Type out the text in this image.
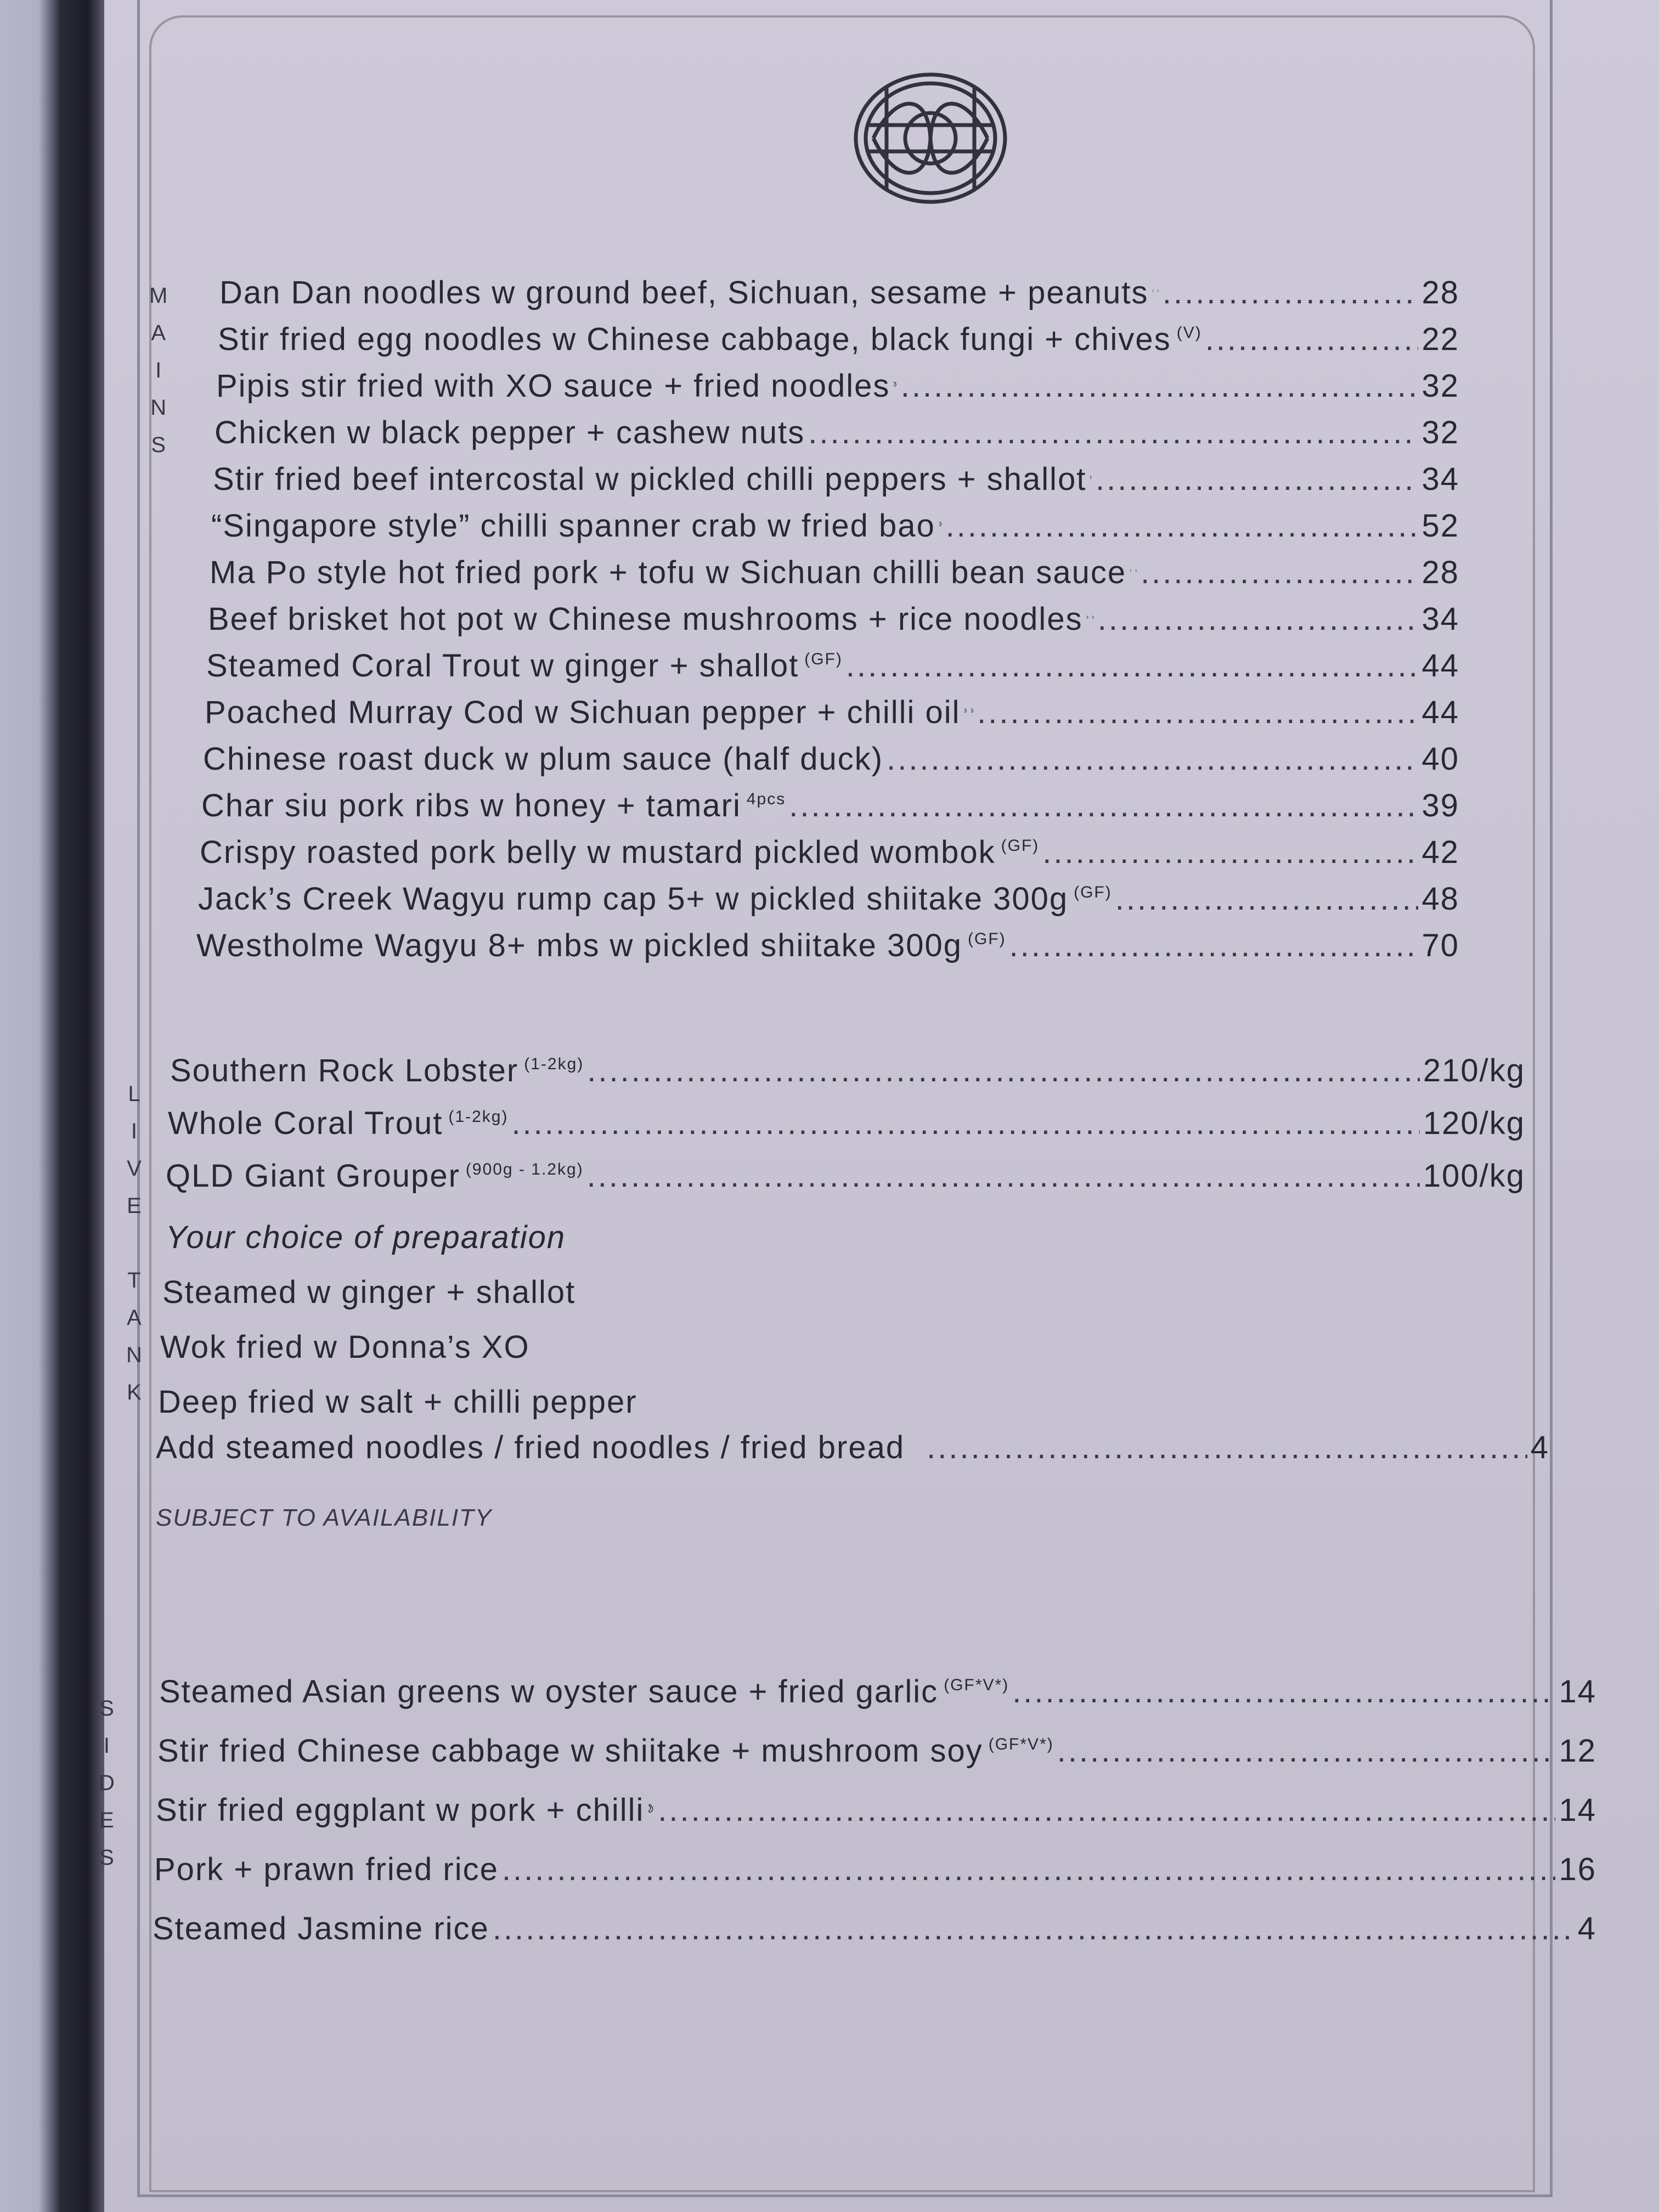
M
A
I
N
S
Dan Dan noodles w ground beef, Sichuan, sesame + peanuts .....	28
Stir fried egg noodles w Chinese cabbage, black fungi + chives (V) .....	22
Pipis stir fried with XO sauce + fried noodles .....	32
Chicken w black pepper + cashew nuts .....	32
Stir fried beef intercostal w pickled chilli peppers + shallot .....	34
“Singapore style” chilli spanner crab w fried bao .....	52
Ma Po style hot fried pork + tofu w Sichuan chilli bean sauce .....	28
Beef brisket hot pot w Chinese mushrooms + rice noodles .....	34
Steamed Coral Trout w ginger + shallot (GF) .....	44
Poached Murray Cod w Sichuan pepper + chilli oil .....	44
Chinese roast duck w plum sauce (half duck) .....	40
Char siu pork ribs w honey + tamari 4pcs .....	39
Crispy roasted pork belly w mustard pickled wombok (GF) .....	42
Jack’s Creek Wagyu rump cap 5+ w pickled shiitake 300g (GF) .....	48
Westholme Wagyu 8+ mbs w pickled shiitake 300g (GF) .....	70
L
I
V
E

T
A
N
K
Southern Rock Lobster (1-2kg) .....	210/kg
Whole Coral Trout (1-2kg) .....	120/kg
QLD Giant Grouper (900g - 1.2kg) .....	100/kg
Your choice of preparation
Steamed w ginger + shallot
Wok fried w Donna’s XO
Deep fried w salt + chilli pepper
Add steamed noodles / fried noodles / fried bread .....	4
SUBJECT TO AVAILABILITY
S
I
D
E
S
Steamed Asian greens w oyster sauce + fried garlic (GF*V*) .....	14
Stir fried Chinese cabbage w shiitake + mushroom soy (GF*V*) .....	12
Stir fried eggplant w pork + chilli .....	14
Pork + prawn fried rice .....	16
Steamed Jasmine rice .....	4
